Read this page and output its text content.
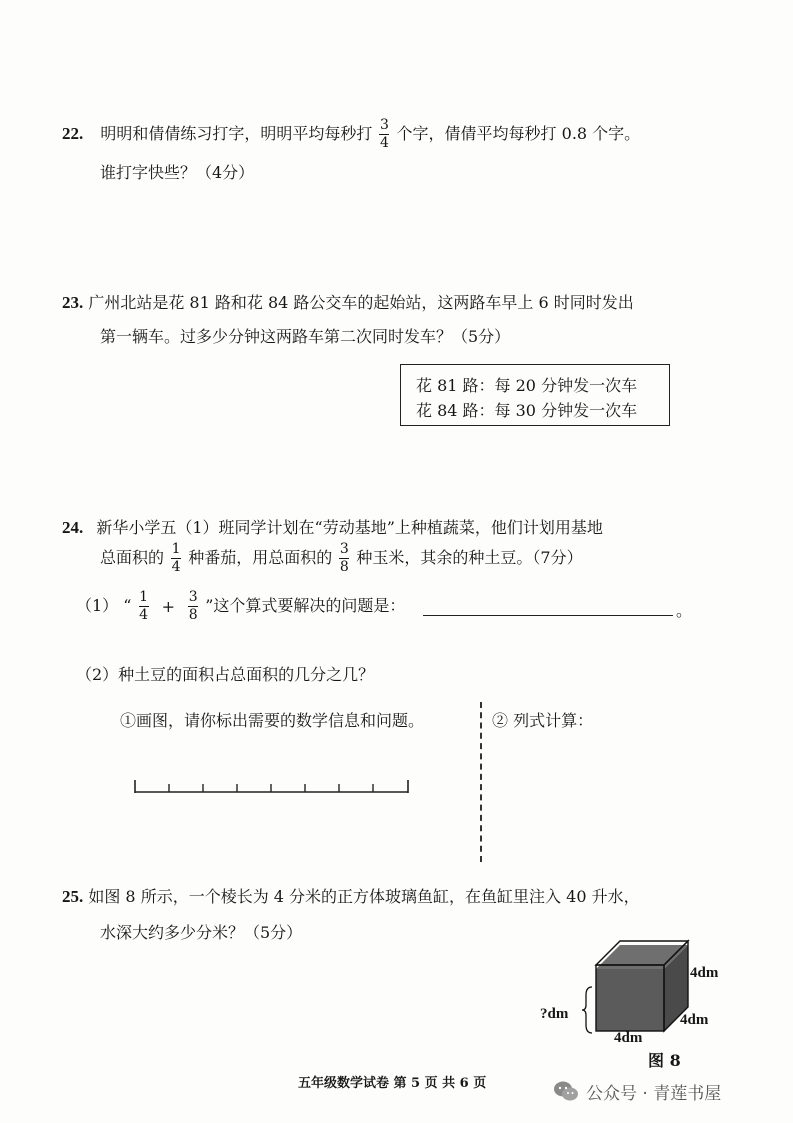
22. 明明和倩倩练习打字，明明平均每秒打 $\frac{3}{4}$ 个字，倩倩平均每秒打 0.8 个字。
谁打字快些？（4分）
23. 广州北站是花 81 路和花 84 路公交车的起始站，这两路车早上 6 时同时发出
第一辆车。过多少分钟这两路车第二次同时发车？（5分）
花 81 路：每 20 分钟发一次车
花 84 路：每 30 分钟发一次车
24. 新华小学五（1）班同学计划在“劳动基地”上种植蔬菜，他们计划用基地
总面积的 $\frac{1}{4}$ 种番茄，用总面积的 $\frac{3}{8}$ 种玉米，其余的种土豆。（7分）
（1） “ $\frac{1}{4} + \frac{3}{8}$ ”这个算式要解决的问题是：	。
（2）种土豆的面积占总面积的几分之几？
①画图，请你标出需要的数学信息和问题。	② 列式计算：
25. 如图 8 所示，一个棱长为 4 分米的正方体玻璃鱼缸，在鱼缸里注入 40 升水，
水深大约多少分米？（5分）
4dm
4dm
4dm
?dm
图 8
五年级数学试卷 第 5 页 共 6 页
公众号 · 青莲书屋
